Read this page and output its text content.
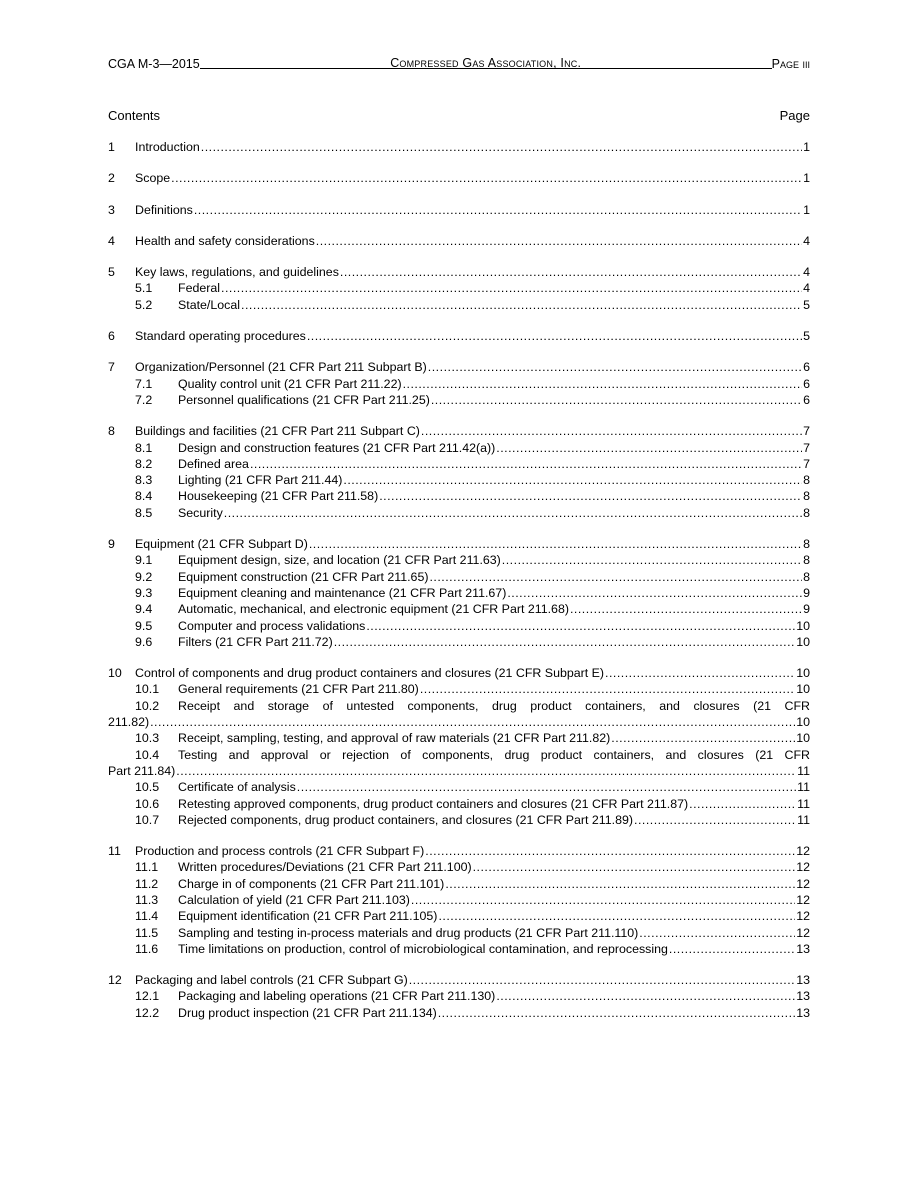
CGA M-3—2015	Compressed Gas Association, Inc.	Page iii
Contents	Page
1	Introduction .....	1
2	Scope .....	1
3	Definitions .....	1
4	Health and safety considerations .....	4
5	Key laws, regulations, and guidelines .....	4
5.1	Federal .....	4
5.2	State/Local .....	5
6	Standard operating procedures .....	5
7	Organization/Personnel (21 CFR Part 211 Subpart B) .....	6
7.1	Quality control unit (21 CFR Part 211.22) .....	6
7.2	Personnel qualifications (21 CFR Part 211.25) .....	6
8	Buildings and facilities (21 CFR Part 211 Subpart C) .....	7
8.1	Design and construction features (21 CFR Part 211.42(a)) .....	7
8.2	Defined area .....	7
8.3	Lighting (21 CFR Part 211.44) .....	8
8.4	Housekeeping (21 CFR Part 211.58) .....	8
8.5	Security .....	8
9	Equipment (21 CFR Subpart D) .....	8
9.1	Equipment design, size, and location (21 CFR Part 211.63) .....	8
9.2	Equipment construction (21 CFR Part 211.65) .....	8
9.3	Equipment cleaning and maintenance (21 CFR Part 211.67) .....	9
9.4	Automatic, mechanical, and electronic equipment (21 CFR Part 211.68) .....	9
9.5	Computer and process validations .....	10
9.6	Filters (21 CFR Part 211.72) .....	10
10	Control of components and drug product containers and closures (21 CFR Subpart E) .....	10
10.1	General requirements (21 CFR Part 211.80) .....	10
10.2	Receipt and storage of untested components, drug product containers, and closures (21 CFR
211.82) .....	10
10.3	Receipt, sampling, testing, and approval of raw materials (21 CFR Part 211.82) .....	10
10.4	Testing and approval or rejection of components, drug product containers, and closures (21 CFR
Part 211.84) .....	11
10.5	Certificate of analysis .....	11
10.6	Retesting approved components, drug product containers and closures (21 CFR Part 211.87) .....	11
10.7	Rejected components, drug product containers, and closures (21 CFR Part 211.89) .....	11
11	Production and process controls (21 CFR Subpart F) .....	12
11.1	Written procedures/Deviations (21 CFR Part 211.100) .....	12
11.2	Charge in of components (21 CFR Part 211.101) .....	12
11.3	Calculation of yield (21 CFR Part 211.103) .....	12
11.4	Equipment identification (21 CFR Part 211.105) .....	12
11.5	Sampling and testing in-process materials and drug products (21 CFR Part 211.110) .....	12
11.6	Time limitations on production, control of microbiological contamination, and reprocessing .....	13
12	Packaging and label controls (21 CFR Subpart G) .....	13
12.1	Packaging and labeling operations (21 CFR Part 211.130) .....	13
12.2	Drug product inspection (21 CFR Part 211.134) .....	13
